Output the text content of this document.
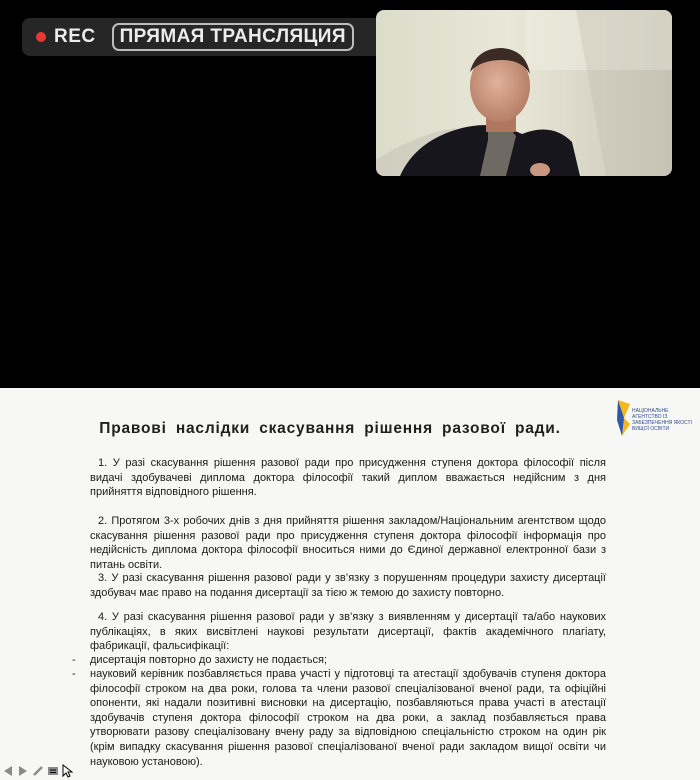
REC	ПРЯМАЯ ТРАНСЛЯЦИЯ
НАЦІОНАЛЬНЕ АГЕНТСТВО ІЗ ЗАБЕЗПЕЧЕННЯ ЯКОСТІ ВИЩОЇ ОСВІТИ
Правові наслідки скасування рішення разової ради.

1. У разі скасування рішення разової ради про присудження ступеня доктора філософії після видачі здобувачеві диплома доктора філософії такий диплом вважається недійсним з дня прийняття відповідного рішення.

2. Протягом 3-х робочих днів з дня прийняття рішення закладом/Національним агентством щодо скасування рішення разової ради про присудження ступеня доктора філософії інформація про недійсність диплома доктора філософії вноситься ними до Єдиної державної електронної бази з питань освіти.

3. У разі скасування рішення разової ради у зв’язку з порушенням процедури захисту дисертації здобувач має право на подання дисертації за тією ж темою до захисту повторно.

4. У разі скасування рішення разової ради у зв’язку з виявленням у дисертації та/або наукових публікаціях, в яких висвітлені наукові результати дисертації, фактів академічного плагіату, фабрикації, фальсифікації:

- дисертація повторно до захисту не подається;
- науковий керівник позбавляється права участі у підготовці та атестації здобувачів ступеня доктора філософії строком на два роки, голова та члени разової спеціалізованої вченої ради, та офіційні опоненти, які надали позитивні висновки на дисертацію, позбавляються права участі в атестації здобувачів ступеня доктора філософії строком на два роки, а заклад позбавляється права утворювати разову спеціалізовану вчену раду за відповідною спеціальністю строком на один рік (крім випадку скасування рішення разової спеціалізованої вченої ради закладом вищої освіти чи науковою установою).
